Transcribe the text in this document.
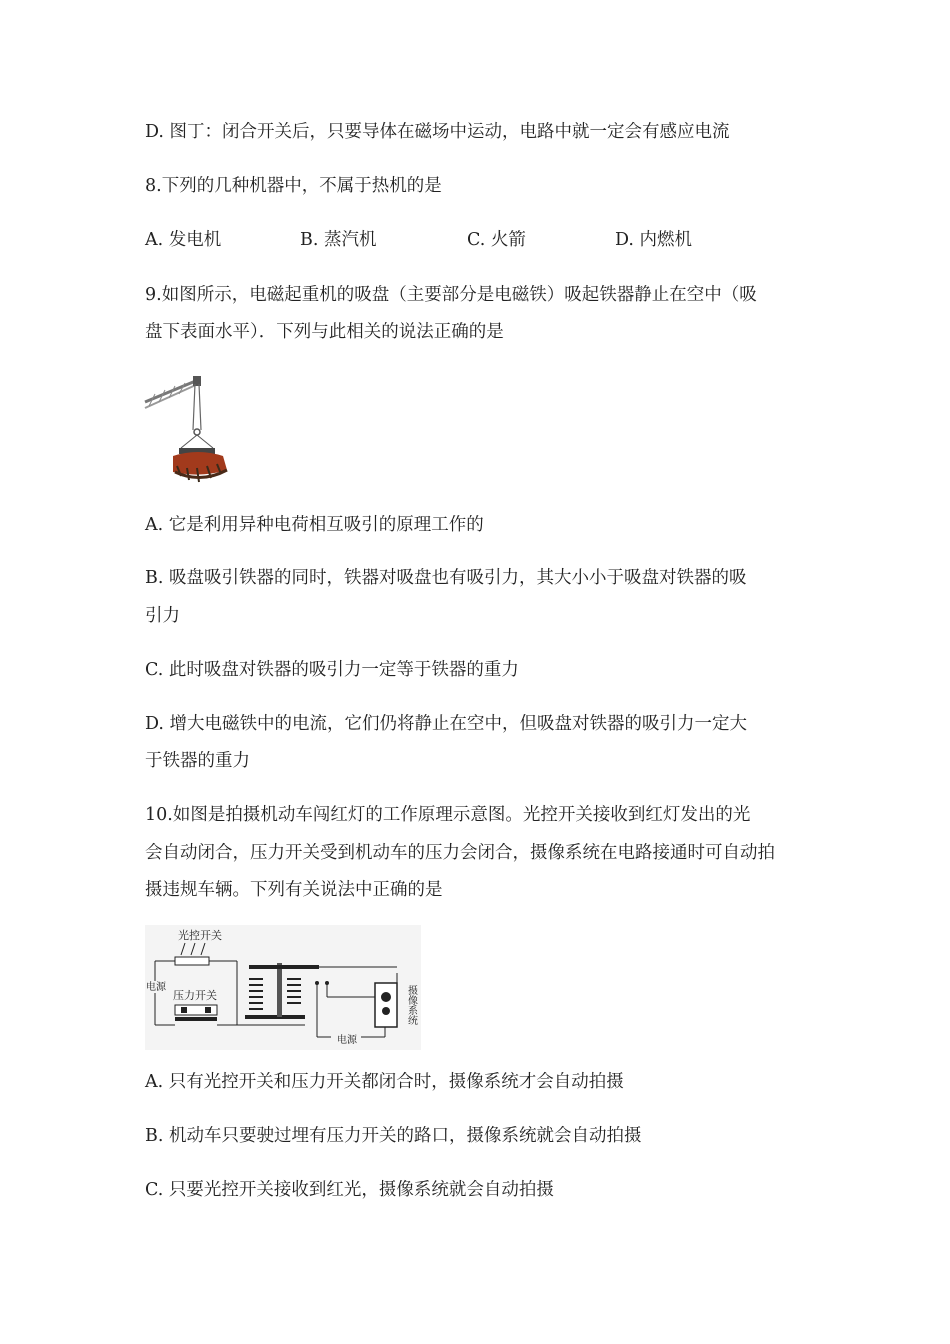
D. 图丁：闭合开关后，只要导体在磁场中运动，电路中就一定会有感应电流
8.下列的几种机器中，不属于热机的是
A. 发电机	B. 蒸汽机	C. 火箭	D. 内燃机
9.如图所示，电磁起重机的吸盘（主要部分是电磁铁）吸起铁器静止在空中（吸
盘下表面水平）．下列与此相关的说法正确的是
A. 它是利用异种电荷相互吸引的原理工作的
B. 吸盘吸引铁器的同时，铁器对吸盘也有吸引力，其大小小于吸盘对铁器的吸
引力
C. 此时吸盘对铁器的吸引力一定等于铁器的重力
D. 增大电磁铁中的电流，它们仍将静止在空中，但吸盘对铁器的吸引力一定大
于铁器的重力
10.如图是拍摄机动车闯红灯的工作原理示意图。光控开关接收到红灯发出的光
会自动闭合，压力开关受到机动车的压力会闭合，摄像系统在电路接通时可自动拍
摄违规车辆。下列有关说法中正确的是
光控开关
电源
压力开关
电源
摄像系统
A. 只有光控开关和压力开关都闭合时，摄像系统才会自动拍摄
B. 机动车只要驶过埋有压力开关的路口，摄像系统就会自动拍摄
C. 只要光控开关接收到红光，摄像系统就会自动拍摄
